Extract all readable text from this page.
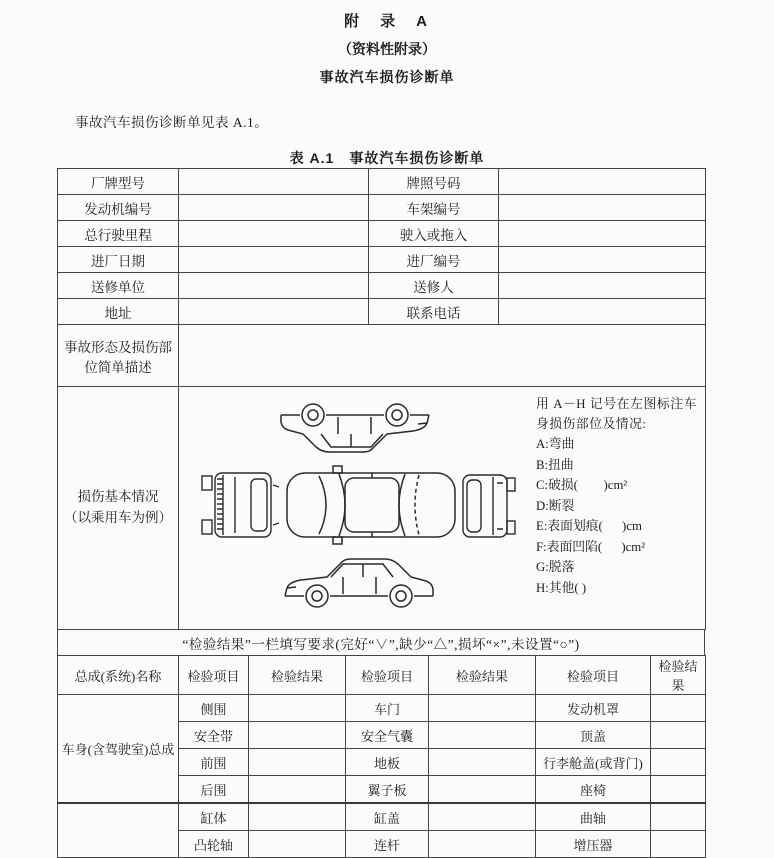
附　录　A
（资料性附录）
事故汽车损伤诊断单

事故汽车损伤诊断单见表 A.1。

表 A.1　事故汽车损伤诊断单
厂牌型号		牌照号码	
发动机编号		车架编号	
总行驶里程		驶入或拖入	
进厂日期		进厂编号	
送修单位		送修人	
地址		联系电话	
事故形态及损伤部位简单描述			

损伤基本情况
（以乘用车为例）

用 A－H 记号在左图标注车身损伤部位及情况:
A:弯曲
B:扭曲
C:破损(        )cm²
D:断裂
E:表面划痕(      )cm
F:表面凹陷(      )cm²
G:脱落
H:其他( )
“检验结果”一栏填写要求(完好“∨”,缺少“△”,损坏“×”,未设置“○”)
总成(系统)名称	检验项目	检验结果	检验项目	检验结果	检验项目	检验结果
车身(含驾驶室)总成	侧围		车门		发动机罩	
	安全带		安全气囊		顶盖	
	前围		地板		行李舱盖(或背门)	
	后围		翼子板		座椅	
	缸体		缸盖		曲轴	
	凸轮轴		连杆		增压器	
